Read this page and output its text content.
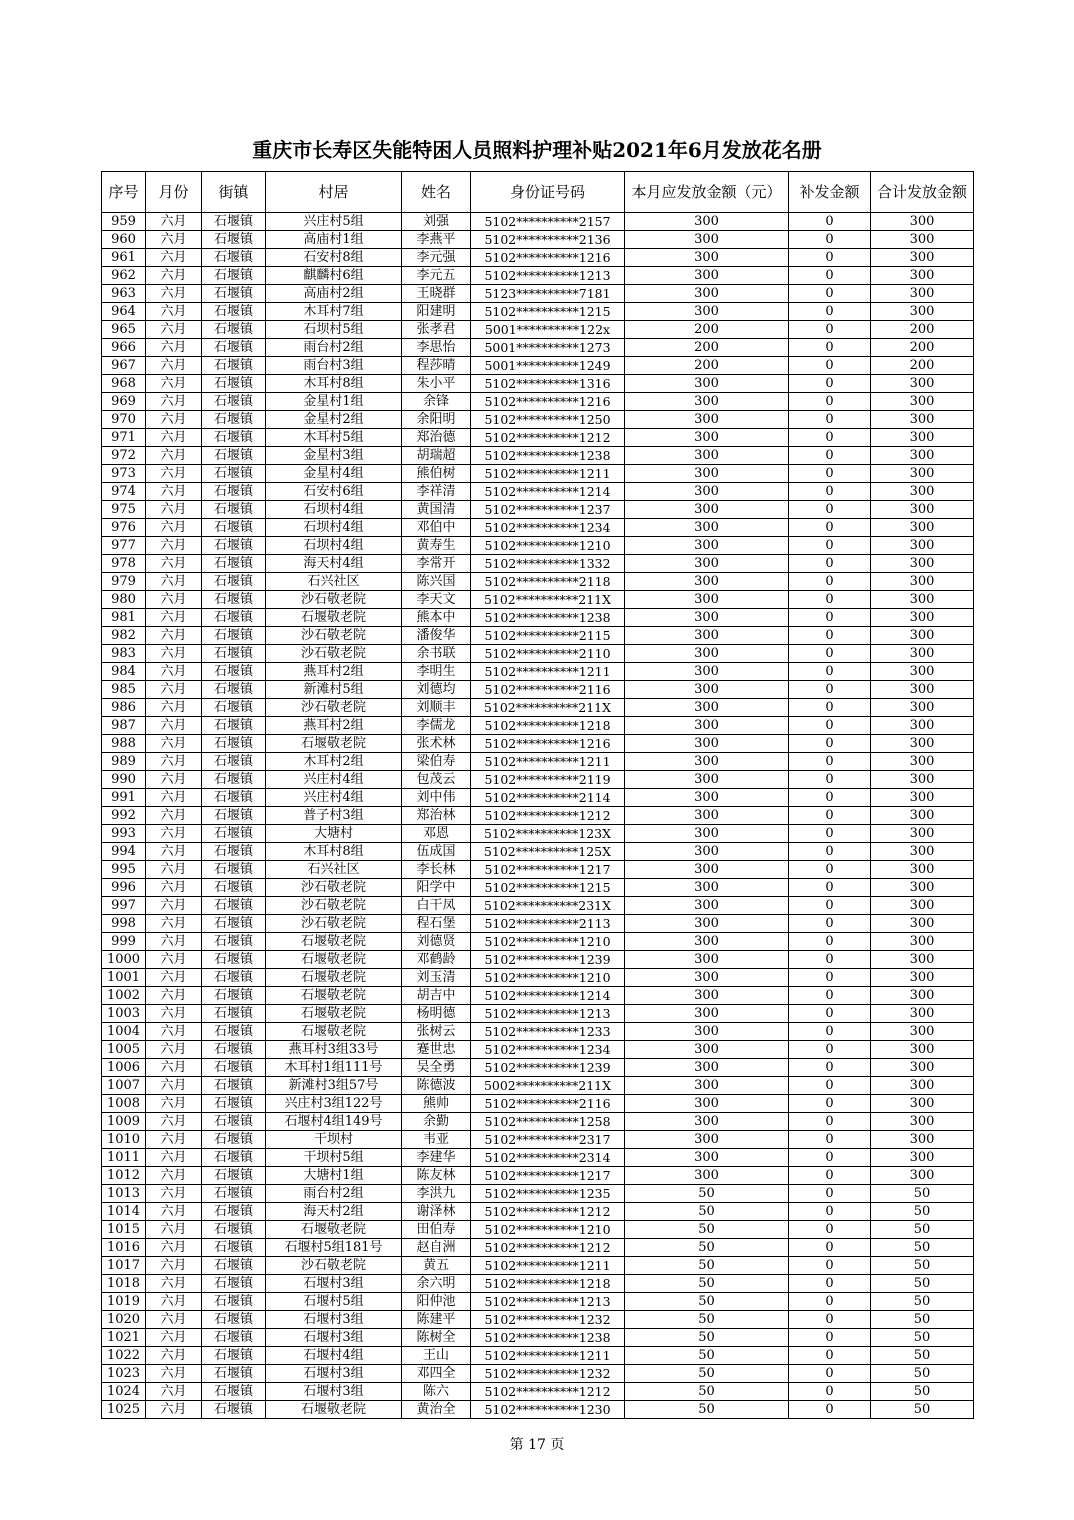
重庆市长寿区失能特困人员照料护理补贴2021年6月发放花名册
序号	月份	街镇	村居	姓名	身份证号码	本月应发放金额（元）	补发金额	合计发放金额
959	六月	石堰镇	兴庄村5组	刘强	5102**********2157	300	0	300
960	六月	石堰镇	高庙村1组	李燕平	5102**********2136	300	0	300
961	六月	石堰镇	石安村8组	李元强	5102**********1216	300	0	300
962	六月	石堰镇	麒麟村6组	李元五	5102**********1213	300	0	300
963	六月	石堰镇	高庙村2组	王晓群	5123**********7181	300	0	300
964	六月	石堰镇	木耳村7组	阳建明	5102**********1215	300	0	300
965	六月	石堰镇	石坝村5组	张孝君	5001**********122x	200	0	200
966	六月	石堰镇	雨台村2组	李思怡	5001**********1273	200	0	200
967	六月	石堰镇	雨台村3组	程莎晴	5001**********1249	200	0	200
968	六月	石堰镇	木耳村8组	朱小平	5102**********1316	300	0	300
969	六月	石堰镇	金星村1组	余锋	5102**********1216	300	0	300
970	六月	石堰镇	金星村2组	余阳明	5102**********1250	300	0	300
971	六月	石堰镇	木耳村5组	郑治德	5102**********1212	300	0	300
972	六月	石堰镇	金星村3组	胡瑞超	5102**********1238	300	0	300
973	六月	石堰镇	金星村4组	熊伯树	5102**********1211	300	0	300
974	六月	石堰镇	石安村6组	李祥清	5102**********1214	300	0	300
975	六月	石堰镇	石坝村4组	黄国清	5102**********1237	300	0	300
976	六月	石堰镇	石坝村4组	邓伯中	5102**********1234	300	0	300
977	六月	石堰镇	石坝村4组	黄寿生	5102**********1210	300	0	300
978	六月	石堰镇	海天村4组	李常开	5102**********1332	300	0	300
979	六月	石堰镇	石兴社区	陈兴国	5102**********2118	300	0	300
980	六月	石堰镇	沙石敬老院	李天文	5102**********211X	300	0	300
981	六月	石堰镇	石堰敬老院	熊本中	5102**********1238	300	0	300
982	六月	石堰镇	沙石敬老院	潘俊华	5102**********2115	300	0	300
983	六月	石堰镇	沙石敬老院	余书联	5102**********2110	300	0	300
984	六月	石堰镇	燕耳村2组	李明生	5102**********1211	300	0	300
985	六月	石堰镇	新滩村5组	刘德均	5102**********2116	300	0	300
986	六月	石堰镇	沙石敬老院	刘顺丰	5102**********211X	300	0	300
987	六月	石堰镇	燕耳村2组	李儒龙	5102**********1218	300	0	300
988	六月	石堰镇	石堰敬老院	张术林	5102**********1216	300	0	300
989	六月	石堰镇	木耳村2组	梁伯寿	5102**********1211	300	0	300
990	六月	石堰镇	兴庄村4组	包茂云	5102**********2119	300	0	300
991	六月	石堰镇	兴庄村4组	刘中伟	5102**********2114	300	0	300
992	六月	石堰镇	普子村3组	郑治林	5102**********1212	300	0	300
993	六月	石堰镇	大塘村	邓恩	5102**********123X	300	0	300
994	六月	石堰镇	木耳村8组	伍成国	5102**********125X	300	0	300
995	六月	石堰镇	石兴社区	李长林	5102**********1217	300	0	300
996	六月	石堰镇	沙石敬老院	阳学中	5102**********1215	300	0	300
997	六月	石堰镇	沙石敬老院	白干凤	5102**********231X	300	0	300
998	六月	石堰镇	沙石敬老院	程石堡	5102**********2113	300	0	300
999	六月	石堰镇	石堰敬老院	刘德贤	5102**********1210	300	0	300
1000	六月	石堰镇	石堰敬老院	邓鹤龄	5102**********1239	300	0	300
1001	六月	石堰镇	石堰敬老院	刘玉清	5102**********1210	300	0	300
1002	六月	石堰镇	石堰敬老院	胡吉中	5102**********1214	300	0	300
1003	六月	石堰镇	石堰敬老院	杨明德	5102**********1213	300	0	300
1004	六月	石堰镇	石堰敬老院	张树云	5102**********1233	300	0	300
1005	六月	石堰镇	燕耳村3组33号	蹇世忠	5102**********1234	300	0	300
1006	六月	石堰镇	木耳村1组111号	吴全勇	5102**********1239	300	0	300
1007	六月	石堰镇	新滩村3组57号	陈德波	5002**********211X	300	0	300
1008	六月	石堰镇	兴庄村3组122号	熊帅	5102**********2116	300	0	300
1009	六月	石堰镇	石堰村4组149号	余勤	5102**********1258	300	0	300
1010	六月	石堰镇	干坝村	韦亚	5102**********2317	300	0	300
1011	六月	石堰镇	干坝村5组	李建华	5102**********2314	300	0	300
1012	六月	石堰镇	大塘村1组	陈友林	5102**********1217	300	0	300
1013	六月	石堰镇	雨台村2组	李洪九	5102**********1235	50	0	50
1014	六月	石堰镇	海天村2组	谢泽林	5102**********1212	50	0	50
1015	六月	石堰镇	石堰敬老院	田伯寿	5102**********1210	50	0	50
1016	六月	石堰镇	石堰村5组181号	赵自洲	5102**********1212	50	0	50
1017	六月	石堰镇	沙石敬老院	黄五	5102**********1211	50	0	50
1018	六月	石堰镇	石堰村3组	余六明	5102**********1218	50	0	50
1019	六月	石堰镇	石堰村5组	阳仲池	5102**********1213	50	0	50
1020	六月	石堰镇	石堰村3组	陈建平	5102**********1232	50	0	50
1021	六月	石堰镇	石堰村3组	陈树全	5102**********1238	50	0	50
1022	六月	石堰镇	石堰村4组	王山	5102**********1211	50	0	50
1023	六月	石堰镇	石堰村3组	邓四全	5102**********1232	50	0	50
1024	六月	石堰镇	石堰村3组	陈六	5102**********1212	50	0	50
1025	六月	石堰镇	石堰敬老院	黄治全	5102**********1230	50	0	50
第 17 页
